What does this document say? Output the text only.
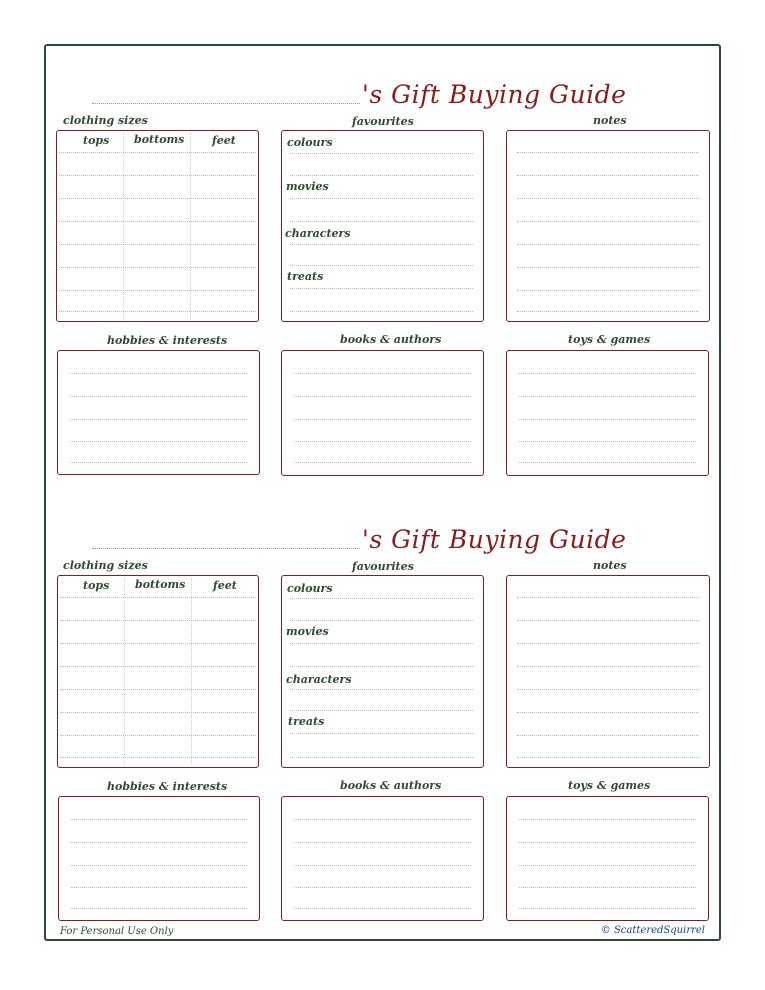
's Gift Buying Guide
clothing sizes	favourites	notes
tops bottoms	feet	colours
movies
characters
treats
hobbies & interests	books & authors	toys & games
's Gift Buying Guide
clothing sizes	favourites	notes
tops bottoms	feet	colours
movies
characters
treats
hobbies & interests	books & authors	toys & games
For Personal Use Only	© ScatteredSquirrel
